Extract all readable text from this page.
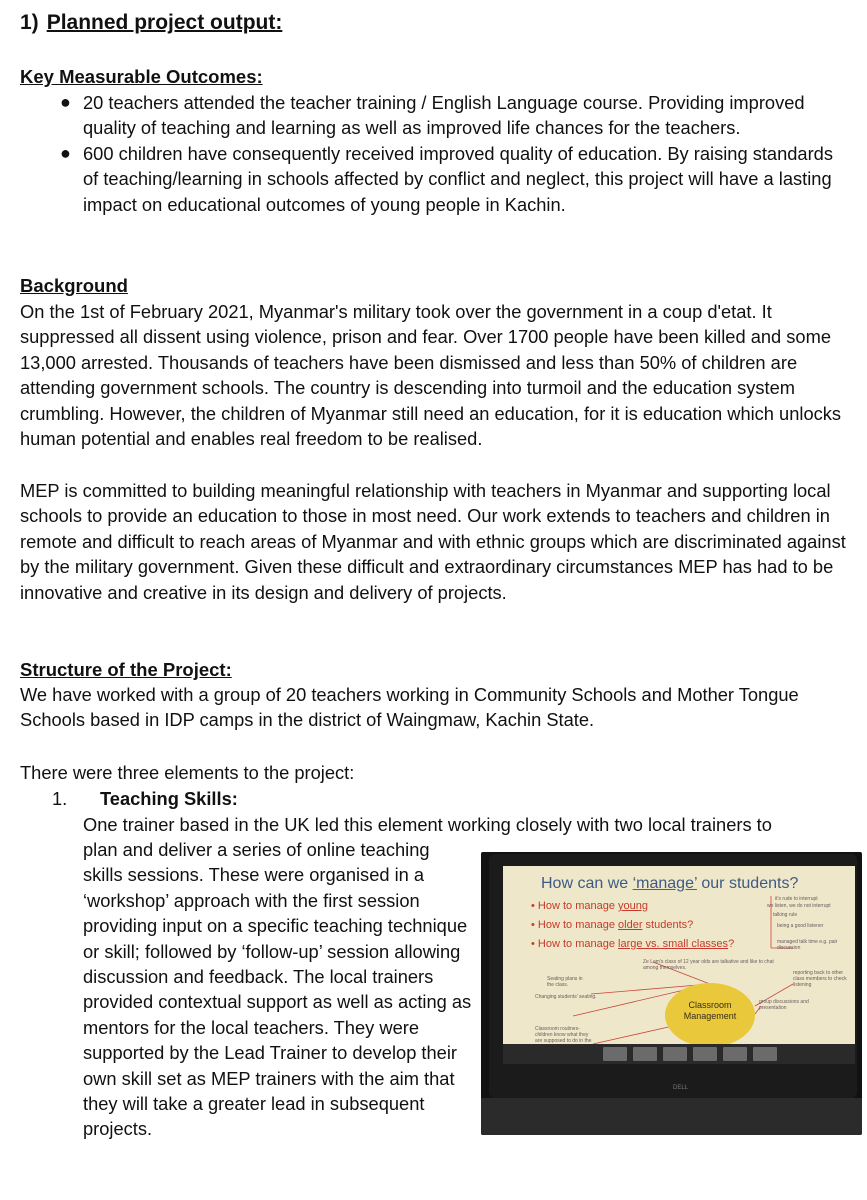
1) Planned project output:
Key Measurable Outcomes:
● 20 teachers attended the teacher training / English Language course. Providing improved quality of teaching and learning as well as improved life chances for the teachers.
● 600 children have consequently received improved quality of education. By raising standards of teaching/learning in schools affected by conflict and neglect, this project will have a lasting impact on educational outcomes of young people in Kachin.
Background

On the 1st of February 2021, Myanmar's military took over the government in a coup d'etat. It suppressed all dissent using violence, prison and fear. Over 1700 people have been killed and some 13,000 arrested. Thousands of teachers have been dismissed and less than 50% of children are attending government schools. The country is descending into turmoil and the education system crumbling. However, the children of Myanmar still need an education, for it is education which unlocks human potential and enables real freedom to be realised.

MEP is committed to building meaningful relationship with teachers in Myanmar and supporting local schools to provide an education to those in most need. Our work extends to teachers and children in remote and difficult to reach areas of Myanmar and with ethnic groups which are discriminated against by the military government. Given these difficult and extraordinary circumstances MEP has had to be innovative and creative in its design and delivery of projects.

Structure of the Project:

We have worked with a group of 20 teachers working in Community Schools and Mother Tongue Schools based in IDP camps in the district of Waingmaw, Kachin State.

There were three elements to the project:

1. Teaching Skills:

One trainer based in the UK led this element working closely with two local trainers to

plan and deliver a series of online teaching skills sessions. These were organised in a ‘workshop’ approach with the first session providing input on a specific teaching technique or skill; followed by ‘follow-up’ session allowing discussion and feedback. The local trainers provided contextual support as well as acting as mentors for the local teachers. They were supported by the Lead Trainer to develop their own skill set as MEP trainers with the aim that they will take a greater lead in subsequent projects.

How can we ‘manage’ our students?
• How to manage young
• How to manage older students?
• How to manage large vs. small classes?
it's rude to interrupt
we listen, we do not interrupt
talking rule
being a good listener
managed talk time e.g. pair discussion
Ze Lam's class of 12 year olds are talkative and like to chat among themselves.
reporting back to other class members to check listening
Seating plans in the class.
Changing students' seating.
group discussions and presentation
Classroom routines- children know what they are supposed to do in the
Classroom Management
DELL
